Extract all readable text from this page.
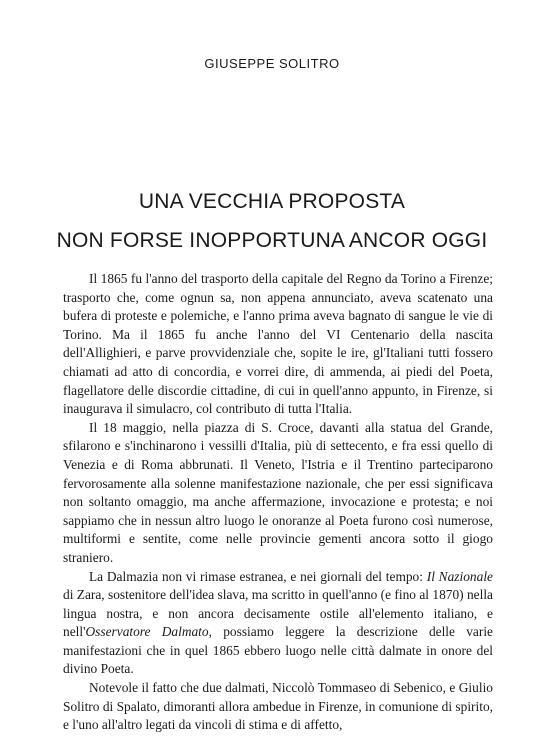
GIUSEPPE SOLITRO
UNA VECCHIA PROPOSTA
NON FORSE INOPPORTUNA ANCOR OGGI

Il 1865 fu l'anno del trasporto della capitale del Regno da Torino a Firenze; trasporto che, come ognun sa, non appena annunciato, aveva scatenato una bufera di proteste e polemiche, e l'anno prima aveva bagnato di sangue le vie di Torino. Ma il 1865 fu anche l'anno del VI Centenario della nascita dell'Allighieri, e parve provvidenziale che, sopite le ire, gl'Italiani tutti fossero chiamati ad atto di concordia, e vorrei dire, di ammenda, ai piedi del Poeta, flagellatore delle discordie cittadine, di cui in quell'anno appunto, in Firenze, si inaugurava il simulacro, col contributo di tutta l'Italia.

Il 18 maggio, nella piazza di S. Croce, davanti alla statua del Grande, sfilarono e s'inchinarono i vessilli d'Italia, più di settecento, e fra essi quello di Venezia e di Roma abbrunati. Il Veneto, l'Istria e il Trentino parteciparono fervorosamente alla solenne manifestazione nazionale, che per essi significava non soltanto omaggio, ma anche affermazione, invocazione e protesta; e noi sappiamo che in nessun altro luogo le onoranze al Poeta furono così numerose, multiformi e sentite, come nelle provincie gementi ancora sotto il giogo straniero.

La Dalmazia non vi rimase estranea, e nei giornali del tempo: Il Nazionale di Zara, sostenitore dell'idea slava, ma scritto in quell'anno (e fino al 1870) nella lingua nostra, e non ancora decisamente ostile all'elemento italiano, e nell'Osservatore Dalmato, possiamo leggere la descrizione delle varie manifestazioni che in quel 1865 ebbero luogo nelle città dalmate in onore del divino Poeta.

Notevole il fatto che due dalmati, Niccolò Tommaseo di Sebenico, e Giulio Solitro di Spalato, dimoranti allora ambedue in Firenze, in comunione di spirito, e l'uno all'altro legati da vincoli di stima e di affetto,
